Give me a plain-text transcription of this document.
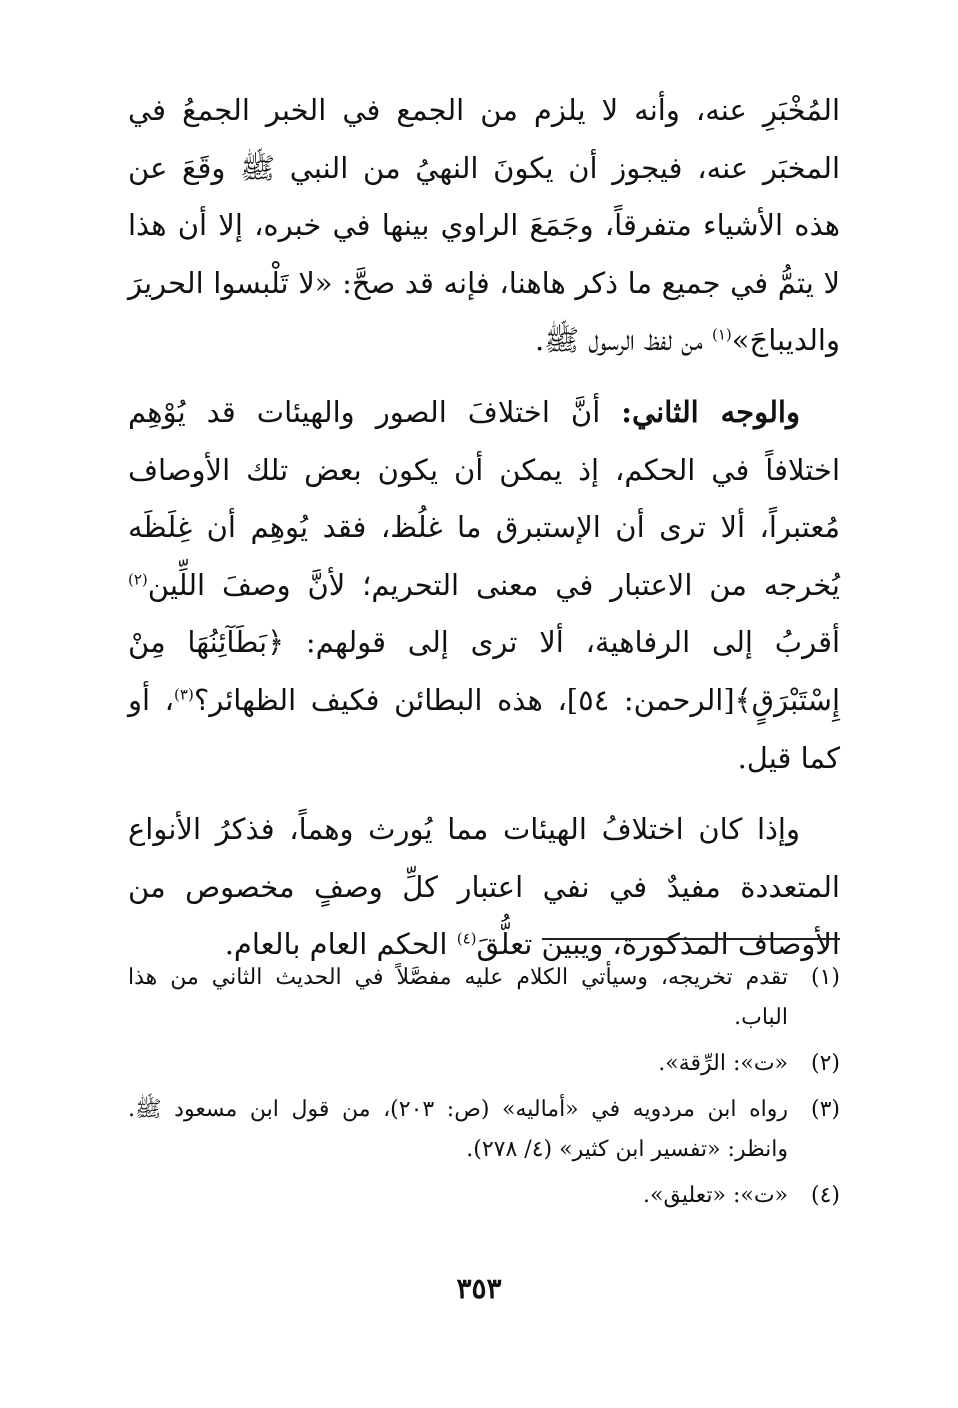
المُخْبَرِ عنه، وأنه لا يلزم من الجمع في الخبر الجمعُ في المخبَر عنه، فيجوز أن يكونَ النهيُ من النبي ﷺ وقَعَ عن هذه الأشياء متفرقاً، وجَمَعَ الراوي بينها في خبره، إلا أن هذا لا يتمُّ في جميع ما ذكر هاهنا، فإنه قد صحَّ: «لا تَلْبسوا الحريرَ والديباجَ»$^{(١)}$ من لفظ الرسول ﷺ.

والوجه الثاني: أنَّ اختلافَ الصور والهيئات قد يُوْهِم اختلافاً في الحكم، إذ يمكن أن يكون بعض تلك الأوصاف مُعتبراً، ألا ترى أن الإستبرق ما غلُظ، فقد يُوهِم أن غِلَظَه يُخرجه من الاعتبار في معنى التحريم؛ لأنَّ وصفَ اللِّين$^{(٢)}$ أقربُ إلى الرفاهية، ألا ترى إلى قولهم: ﴿بَطَآئِنُهَا مِنْ إِسْتَبْرَقٍ﴾[الرحمن: ٥٤]، هذه البطائن فكيف الظهائر؟$^{(٣)}$، أو كما قيل.

وإذا كان اختلافُ الهيئات مما يُورث وهماً، فذكرُ الأنواع المتعددة مفيدٌ في نفي اعتبار كلِّ وصفٍ مخصوص من الأوصاف المذكورة، ويبين تعلُّقَ$^{(٤)}$ الحكم العام بالعام.

(١)
تقدم تخريجه، وسيأتي الكلام عليه مفصَّلاً في الحديث الثاني من هذا الباب.
(٢)
«ت»: الرِّقة».
(٣)
رواه ابن مردويه في «أماليه» (ص: ٢٠٣)، من قول ابن مسعود ﷺ. وانظر: «تفسير ابن كثير» (٤/ ٢٧٨).
(٤)
«ت»: «تعليق».
٣٥٣
